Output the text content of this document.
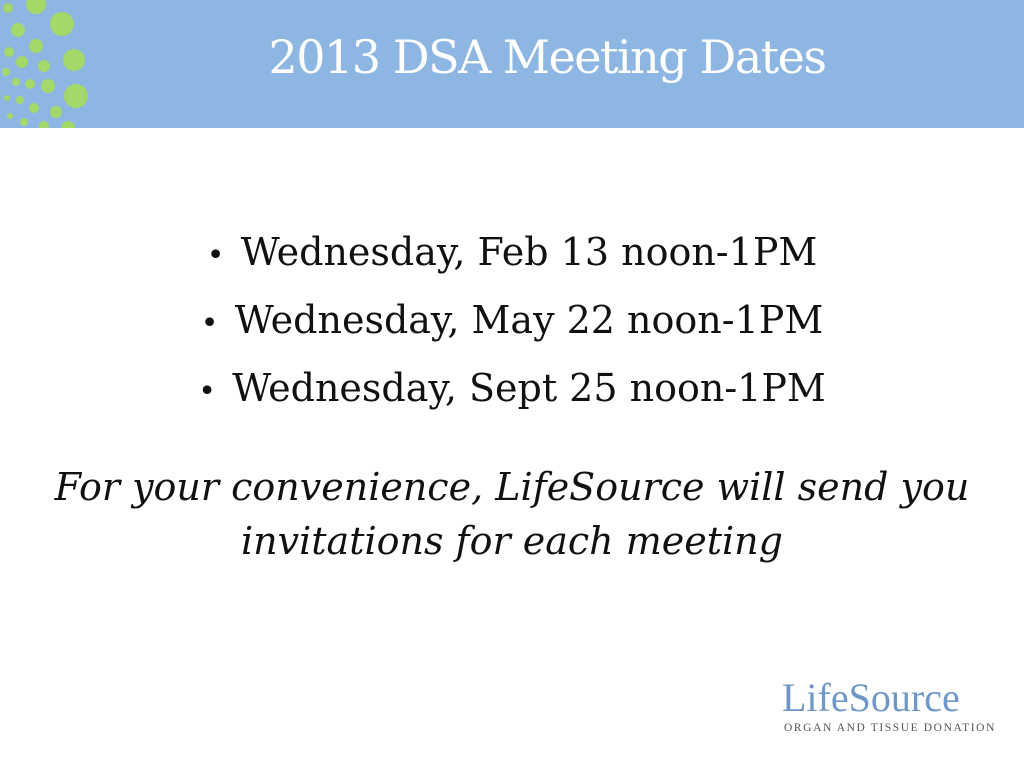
2013 DSA Meeting Dates
• Wednesday, Feb 13 noon-1PM
• Wednesday, May 22 noon-1PM
• Wednesday, Sept 25 noon-1PM

For your convenience, LifeSource will send you invitations for each meeting

LifeSource
ORGAN AND TISSUE DONATION
